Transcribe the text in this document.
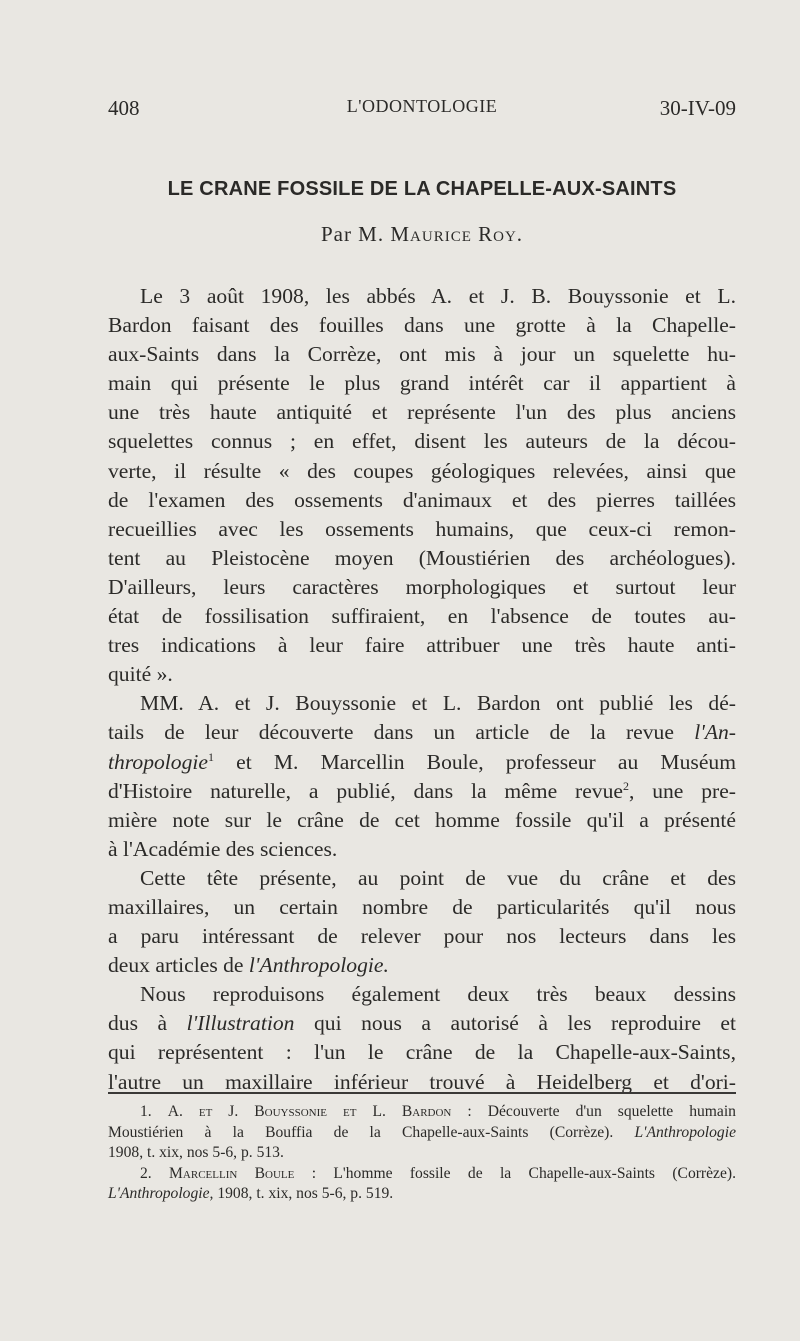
408	L'ODONTOLOGIE	30-IV-09
LE CRANE FOSSILE DE LA CHAPELLE-AUX-SAINTS
Par M. Maurice Roy.
Le 3 août 1908, les abbés A. et J. B. Bouyssonie et L.
Bardon faisant des fouilles dans une grotte à la Chapelle-
aux-Saints dans la Corrèze, ont mis à jour un squelette hu-
main qui présente le plus grand intérêt car il appartient à
une très haute antiquité et représente l'un des plus anciens
squelettes connus ; en effet, disent les auteurs de la décou-
verte, il résulte « des coupes géologiques relevées, ainsi que
de l'examen des ossements d'animaux et des pierres taillées
recueillies avec les ossements humains, que ceux-ci remon-
tent au Pleistocène moyen (Moustiérien des archéologues).
D'ailleurs, leurs caractères morphologiques et surtout leur
état de fossilisation suffiraient, en l'absence de toutes au-
tres indications à leur faire attribuer une très haute anti-
quité ».
MM. A. et J. Bouyssonie et L. Bardon ont publié les dé-
tails de leur découverte dans un article de la revue l'An-
thropologie$^1$ et M. Marcellin Boule, professeur au Muséum
d'Histoire naturelle, a publié, dans la même revue$^2$, une pre-
mière note sur le crâne de cet homme fossile qu'il a présenté
à l'Académie des sciences.
Cette tête présente, au point de vue du crâne et des
maxillaires, un certain nombre de particularités qu'il nous
a paru intéressant de relever pour nos lecteurs dans les
deux articles de l'Anthropologie.
Nous reproduisons également deux très beaux dessins
dus à l'Illustration qui nous a autorisé à les reproduire et
qui représentent : l'un le crâne de la Chapelle-aux-Saints,
l'autre un maxillaire inférieur trouvé à Heidelberg et d'ori-
1. A. et J. Bouyssonie et L. Bardon : Découverte d'un squelette humain
Moustiérien à la Bouffia de la Chapelle-aux-Saints (Corrèze). L'Anthropologie
1908, t. xix, nos 5-6, p. 513.
2. Marcellin Boule : L'homme fossile de la Chapelle-aux-Saints (Corrèze).
L'Anthropologie, 1908, t. xix, nos 5-6, p. 519.
